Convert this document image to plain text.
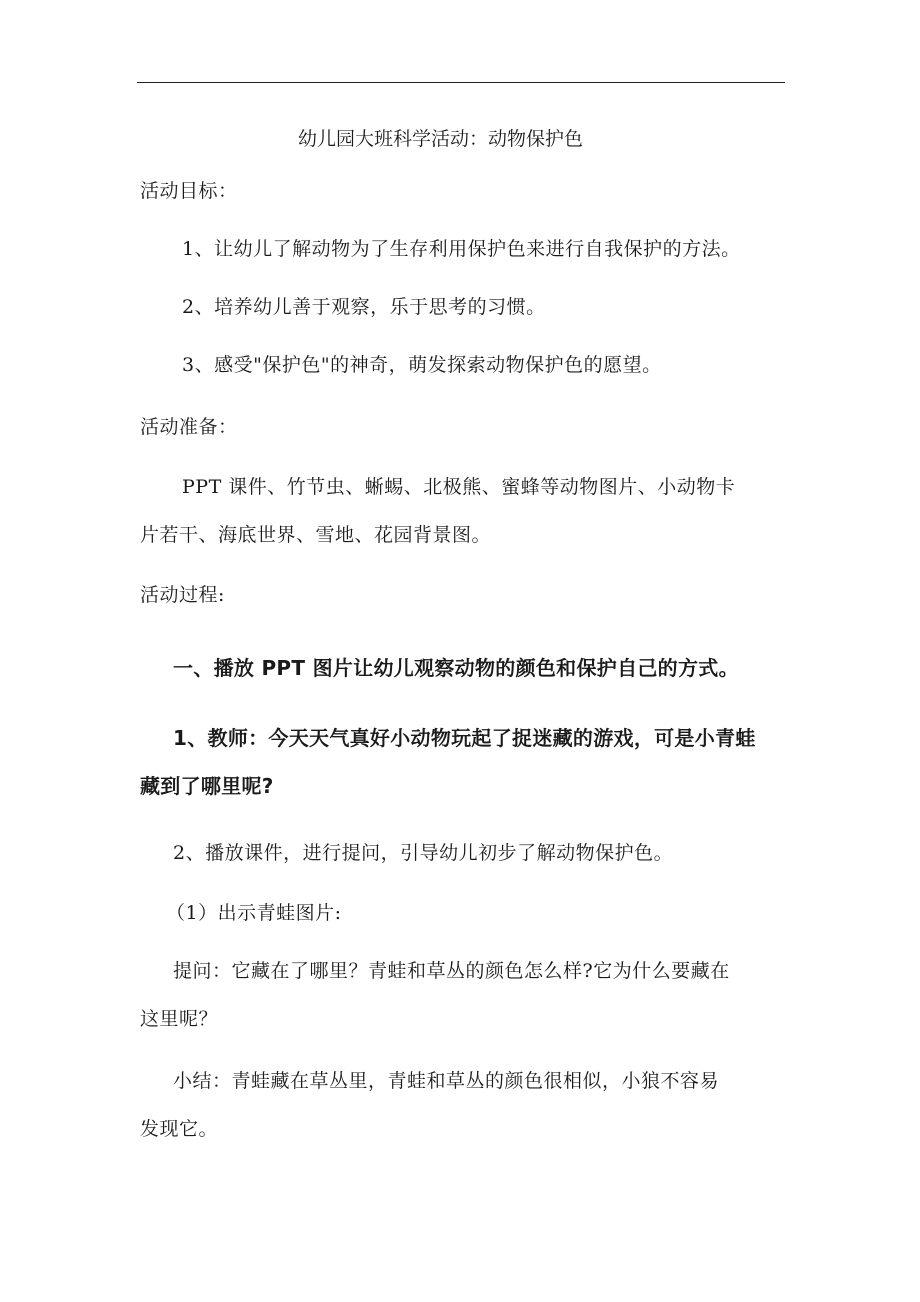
幼儿园大班科学活动：动物保护色
活动目标：
1、让幼儿了解动物为了生存利用保护色来进行自我保护的方法。
2、培养幼儿善于观察，乐于思考的习惯。
3、感受"保护色"的神奇，萌发探索动物保护色的愿望。
活动准备：
PPT 课件、竹节虫、蜥蜴、北极熊、蜜蜂等动物图片、小动物卡
片若干、海底世界、雪地、花园背景图。
活动过程:
一、播放 PPT 图片让幼儿观察动物的颜色和保护自己的方式。
1、教师：今天天气真好小动物玩起了捉迷藏的游戏，可是小青蛙
藏到了哪里呢?
2、播放课件，进行提问，引导幼儿初步了解动物保护色。
（1）出示青蛙图片:
提问：它藏在了哪里？青蛙和草丛的颜色怎么样?它为什么要藏在
这里呢？
小结：青蛙藏在草丛里，青蛙和草丛的颜色很相似，小狼不容易
发现它。
